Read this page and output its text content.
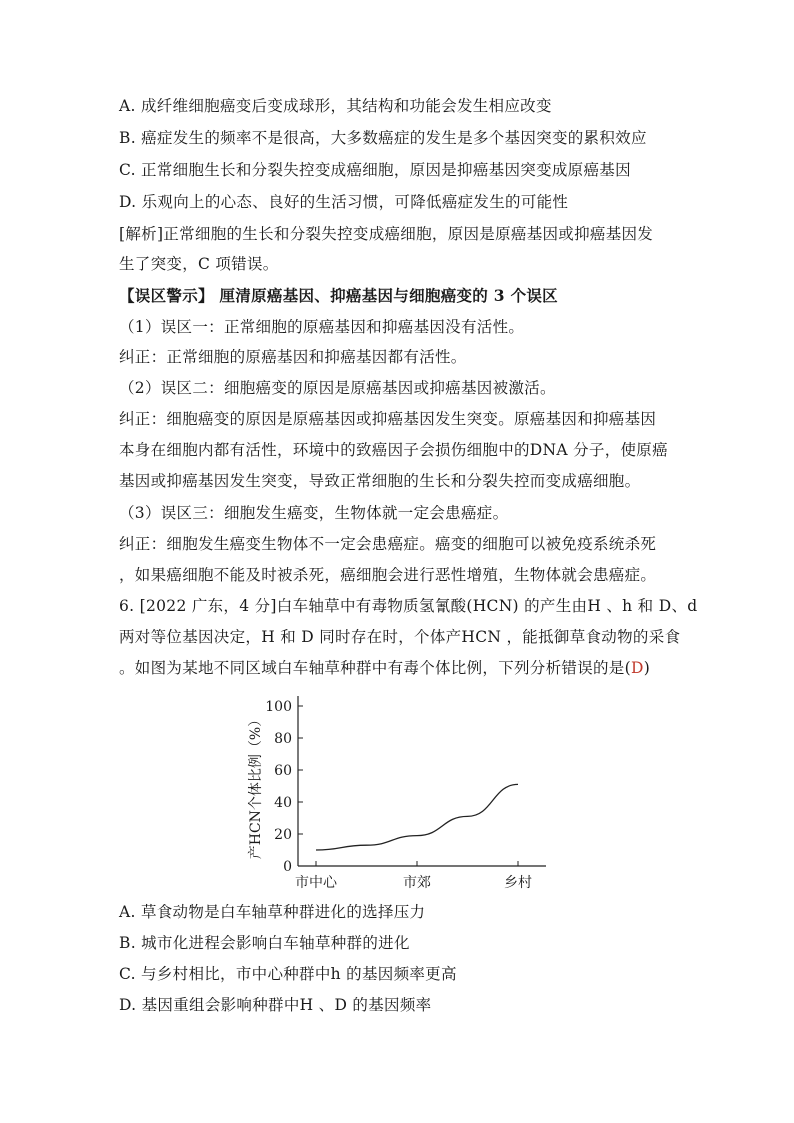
A. 成纤维细胞癌变后变成球形，其结构和功能会发生相应改变
B. 癌症发生的频率不是很高，大多数癌症的发生是多个基因突变的累积效应
C. 正常细胞生长和分裂失控变成癌细胞，原因是抑癌基因突变成原癌基因
D. 乐观向上的心态、良好的生活习惯，可降低癌症发生的可能性
[解析]正常细胞的生长和分裂失控变成癌细胞，原因是原癌基因或抑癌基因发
生了突变，C 项错误。
【误区警示】 厘清原癌基因、抑癌基因与细胞癌变的 3 个误区
（1）误区一：正常细胞的原癌基因和抑癌基因没有活性。
纠正：正常细胞的原癌基因和抑癌基因都有活性。
（2）误区二：细胞癌变的原因是原癌基因或抑癌基因被激活。
纠正：细胞癌变的原因是原癌基因或抑癌基因发生突变。原癌基因和抑癌基因
本身在细胞内都有活性，环境中的致癌因子会损伤细胞中的DNA 分子，使原癌
基因或抑癌基因发生突变，导致正常细胞的生长和分裂失控而变成癌细胞。
（3）误区三：细胞发生癌变，生物体就一定会患癌症。
纠正：细胞发生癌变生物体不一定会患癌症。癌变的细胞可以被免疫系统杀死
，如果癌细胞不能及时被杀死，癌细胞会进行恶性增殖，生物体就会患癌症。
6. [2022 广东，4 分]白车轴草中有毒物质氢氰酸(HCN) 的产生由H 、h 和 D、d
两对等位基因决定，H 和 D 同时存在时，个体产HCN ，能抵御草食动物的采食
。如图为某地不同区域白车轴草种群中有毒个体比例，下列分析错误的是(D)
100
80
60
40
20
0
市中心	市郊	乡村
产HCN个体比例（%）
A. 草食动物是白车轴草种群进化的选择压力
B. 城市化进程会影响白车轴草种群的进化
C. 与乡村相比，市中心种群中h 的基因频率更高
D. 基因重组会影响种群中H 、D 的基因频率
